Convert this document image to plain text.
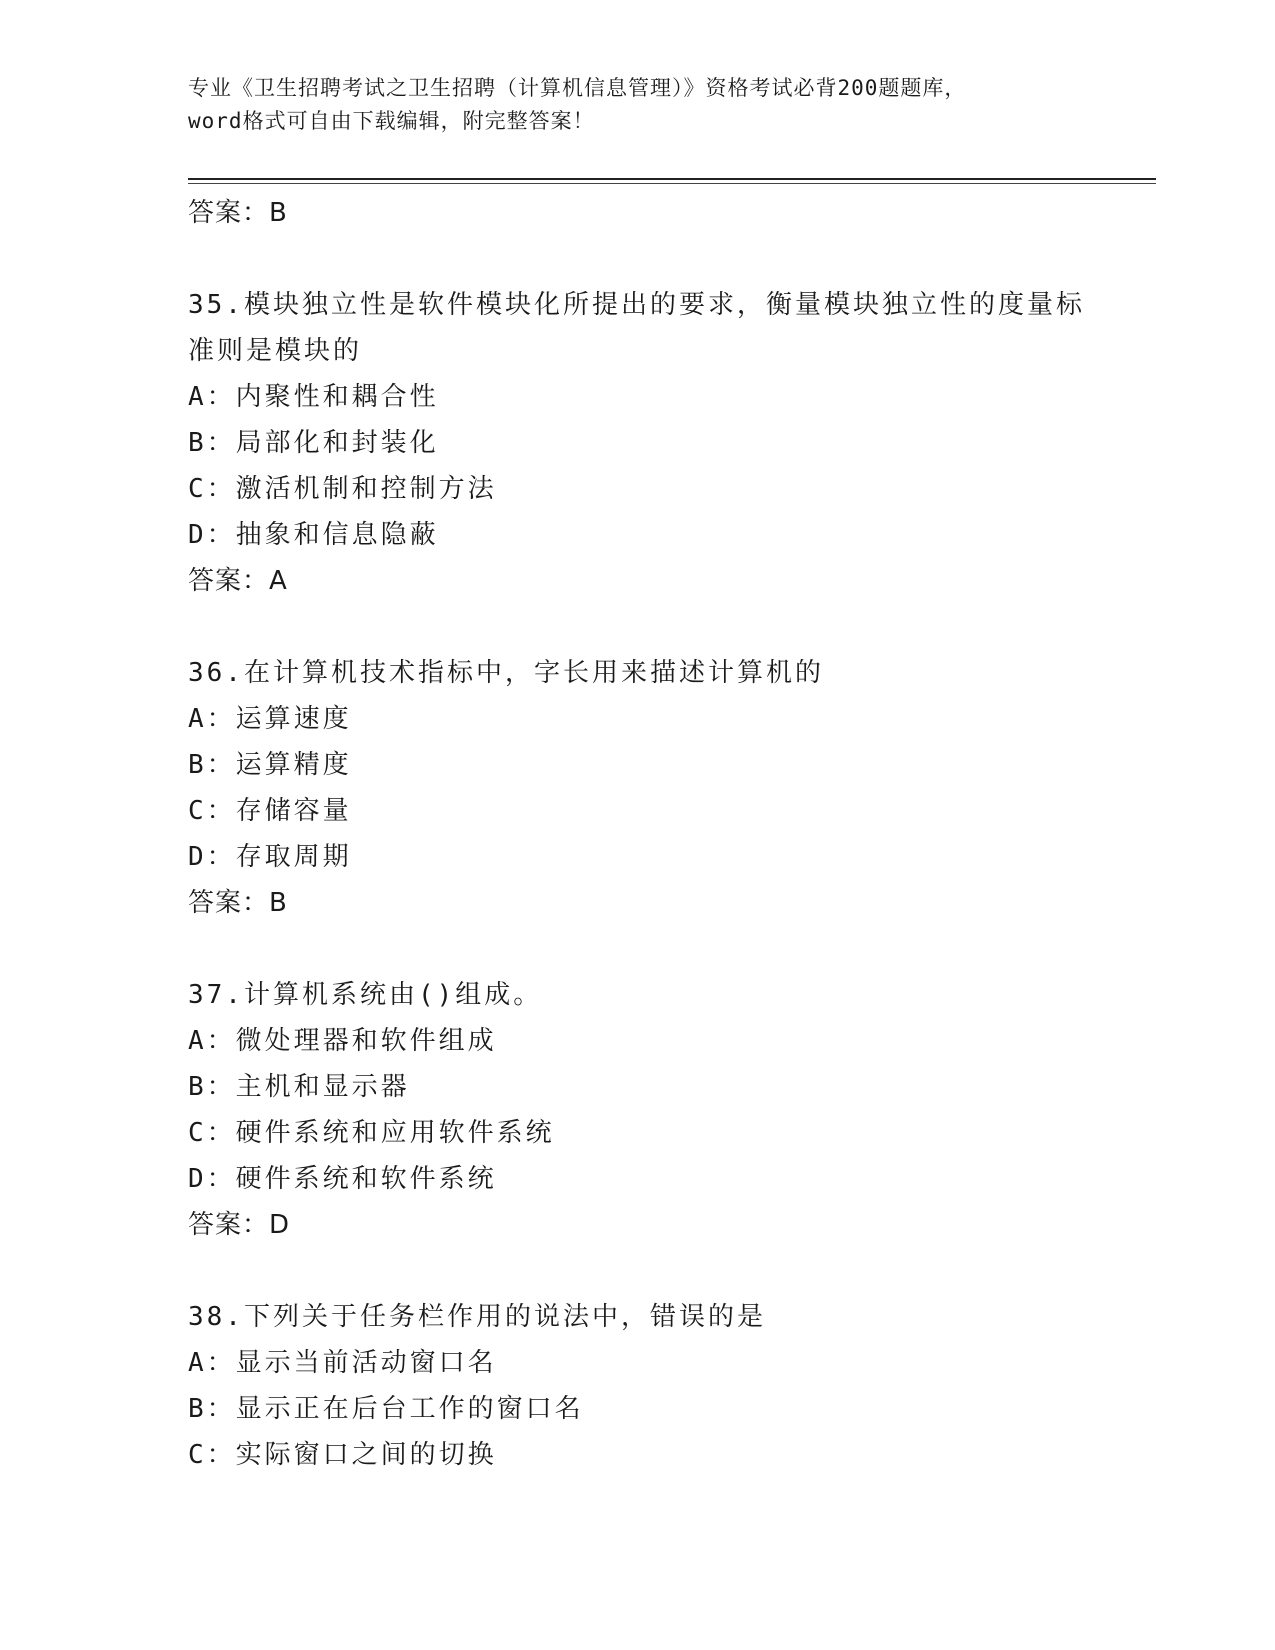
专业《卫生招聘考试之卫生招聘（计算机信息管理）》资格考试必背200题题库，
word格式可自由下载编辑，附完整答案！
答案：B
35.模块独立性是软件模块化所提出的要求，衡量模块独立性的度量标
准则是模块的
A：内聚性和耦合性
B：局部化和封装化
C：激活机制和控制方法
D：抽象和信息隐蔽
答案：A
36.在计算机技术指标中，字长用来描述计算机的
A：运算速度
B：运算精度
C：存储容量
D：存取周期
答案：B
37.计算机系统由()组成。
A：微处理器和软件组成
B：主机和显示器
C：硬件系统和应用软件系统
D：硬件系统和软件系统
答案：D
38.下列关于任务栏作用的说法中，错误的是
A：显示当前活动窗口名
B：显示正在后台工作的窗口名
C：实际窗口之间的切换
